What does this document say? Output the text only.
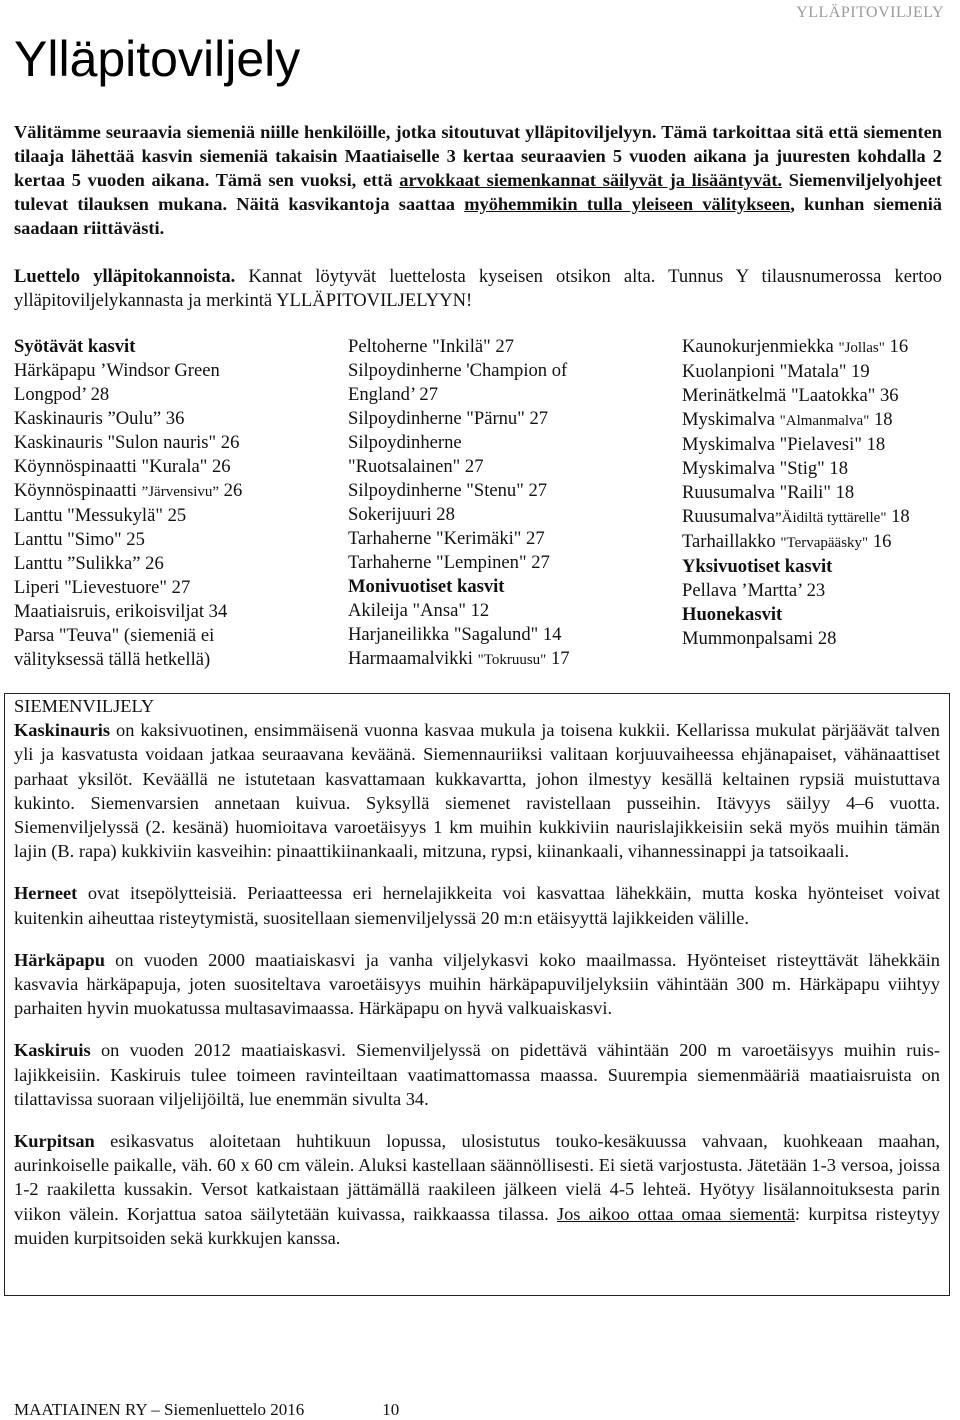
YLLÄPITOVILJELY
Ylläpitoviljely
Välitämme seuraavia siemeniä niille henkilöille, jotka sitoutuvat ylläpitoviljelyyn. Tämä tarkoittaa sitä että siementen tilaaja lähettää kasvin siemeniä takaisin Maatiaiselle 3 kertaa seuraavien 5 vuoden aikana ja juuresten kohdalla 2 kertaa 5 vuoden aikana. Tämä sen vuoksi, että arvokkaat siemenkannat säilyvät ja lisääntyvät. Siemenviljelyohjeet tulevat tilauksen mukana. Näitä kasvikantoja saattaa myöhemmikin tulla yleiseen välitykseen, kunhan siemeniä saadaan riittävästi.
Luettelo ylläpitokannoista. Kannat löytyvät luettelosta kyseisen otsikon alta. Tunnus Y tilausnumerossa kertoo ylläpitoviljelykannasta ja merkintä YLLÄPITOVILJELYYN!
Syötävät kasvit
Härkäpapu ’Windsor Green Longpod’ 28
Kaskinauris ”Oulu” 36
Kaskinauris "Sulon nauris" 26
Köynnöspinaatti "Kurala" 26
Köynnöspinaatti ”Järvensivu” 26
Lanttu "Messukylä" 25
Lanttu "Simo" 25
Lanttu ”Sulikka” 26
Liperi "Lievestuore" 27
Maatiaisruis, erikoisviljat 34
Parsa "Teuva" (siemeniä ei välityksessä tällä hetkellä)
Peltoherne "Inkilä" 27
Silpoydinherne 'Champion of England’ 27
Silpoydinherne "Pärnu" 27
Silpoydinherne "Ruotsalainen" 27
Silpoydinherne "Stenu" 27
Sokerijuuri 28
Tarhaherne "Kerimäki" 27
Tarhaherne "Lempinen" 27
Monivuotiset kasvit
Akileija "Ansa" 12
Harjaneilikka "Sagalund" 14
Harmaamalvikki "Tokruusu" 17
Kaunokurjenmiekka "Jollas" 16
Kuolanpioni "Matala" 19
Merinätkelmä "Laatokka" 36
Myskimalva "Almanmalva" 18
Myskimalva "Pielavesi" 18
Myskimalva "Stig" 18
Ruusumalva "Raili" 18
Ruusumalva”Äidiltä tyttärelle" 18
Tarhaillakko "Tervapääsky" 16
Yksivuotiset kasvit
Pellava ’Martta’ 23
Huonekasvit
Mummonpalsami 28
SIEMENVILJELY

Kaskinauris on kaksivuotinen, ensimmäisenä vuonna kasvaa mukula ja toisena kukkii. Kellarissa mukulat pärjäävät talven yli ja kasvatusta voidaan jatkaa seuraavana keväänä. Siemennauriiksi valitaan korjuuvaiheessa ehjänapaiset, vähänaattiset parhaat yksilöt. Keväällä ne istutetaan kasvattamaan kukkavartta, johon ilmestyy kesällä keltainen rypsiä muistuttava kukinto. Siemenvarsien annetaan kuivua. Syksyllä siemenet ravistellaan pusseihin. Itävyys säilyy 4–6 vuotta. Siemenviljelyssä (2. kesänä) huomioitava varoetäisyys 1 km muihin kukkiviin naurislajikkeisiin sekä myös muihin tämän lajin (B. rapa) kukkiviin kasveihin: pinaattikiinankaali, mitzuna, rypsi, kiinankaali, vihannessinappi ja tatsoikaali.

Herneet ovat itsepölytteisiä. Periaatteessa eri hernelajikkeita voi kasvattaa lähekkäin, mutta koska hyönteiset voivat kuitenkin aiheuttaa risteytymistä, suositellaan siemenviljelyssä 20 m:n etäisyyttä lajikkeiden välille.

Härkäpapu on vuoden 2000 maatiaiskasvi ja vanha viljelykasvi koko maailmassa. Hyönteiset risteyttävät lähekkäin kasvavia härkäpapuja, joten suositeltava varoetäisyys muihin härkäpapuviljelyksiin vähintään 300 m. Härkäpapu viihtyy parhaiten hyvin muokatussa multasavimaassa. Härkäpapu on hyvä valkuaiskasvi.

Kaskiruis on vuoden 2012 maatiaiskasvi. Siemenviljelyssä on pidettävä vähintään 200 m varoetäisyys muihin ruis-lajikkeisiin. Kaskiruis tulee toimeen ravinteiltaan vaatimattomassa maassa. Suurempia siemenmääriä maatiaisruista on tilattavissa suoraan viljelijöiltä, lue enemmän sivulta 34.

Kurpitsan esikasvatus aloitetaan huhtikuun lopussa, ulosistutus touko-kesäkuussa vahvaan, kuohkeaan maahan, aurinkoiselle paikalle, väh. 60 x 60 cm välein. Aluksi kastellaan säännöllisesti. Ei sietä varjostusta. Jätetään 1-3 versoa, joissa 1-2 raakiletta kussakin. Versot katkaistaan jättämällä raakileen jälkeen vielä 4-5 lehteä. Hyötyy lisälannoituksesta parin viikon välein. Korjattua satoa säilytetään kuivassa, raikkaassa tilassa. Jos aikoo ottaa omaa siementä: kurpitsa risteytyy muiden kurpitsoiden sekä kurkkujen kanssa.

MAATIAINEN RY – Siemenluettelo 2016	10
